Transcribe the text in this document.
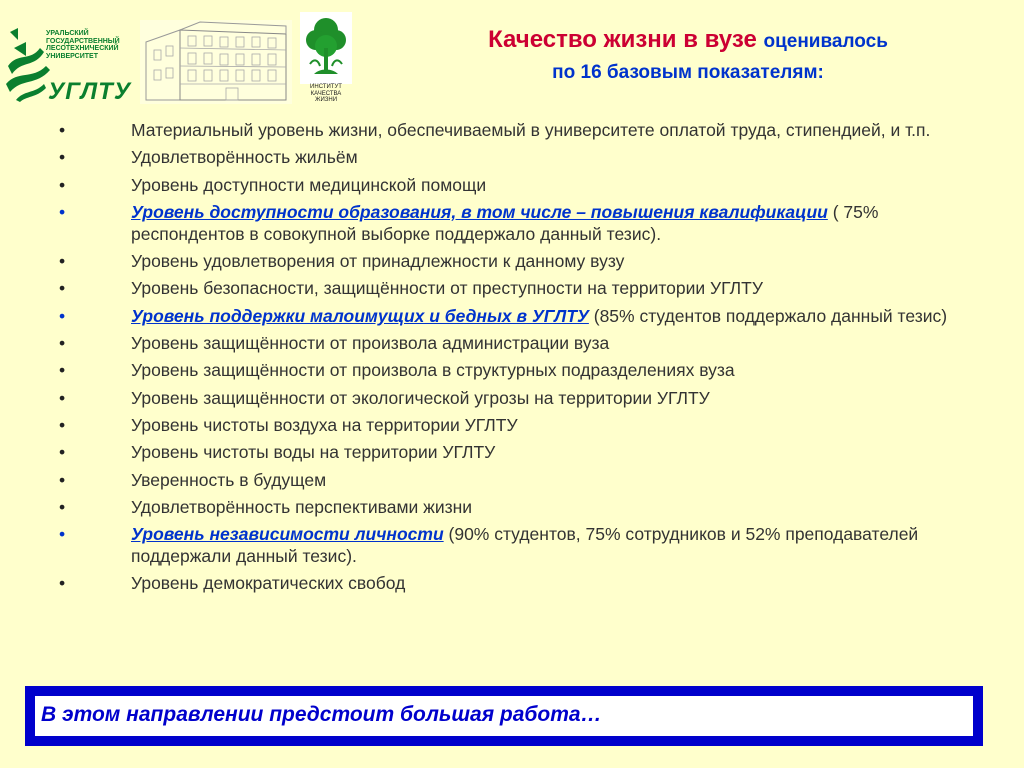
УРАЛЬСКИЙ
ГОСУДАРСТВЕННЫЙ
ЛЕСОТЕХНИЧЕСКИЙ
УНИВЕРСИТЕТ
УГЛТУ	ИНСТИТУТ
КАЧЕСТВА
ЖИЗНИ
Качество жизни в вузе оценивалось
по 16 базовым показателям:
•	Материальный уровень жизни, обеспечиваемый в университете оплатой труда, стипендией, и т.п.
•	Удовлетворённость жильём
•	Уровень доступности медицинской помощи
•	Уровень доступности образования, в том числе – повышения квалификации ( 75% респондентов в совокупной выборке поддержало данный тезис).
•	Уровень удовлетворения от принадлежности к данному вузу
•	Уровень безопасности, защищённости от преступности на территории УГЛТУ
•	Уровень поддержки малоимущих и бедных в УГЛТУ (85% студентов поддержало данный тезис)
•	Уровень защищённости от произвола администрации вуза
•	Уровень защищённости от произвола в структурных подразделениях вуза
•	Уровень защищённости от экологической угрозы на территории УГЛТУ
•	Уровень чистоты воздуха на территории УГЛТУ
•	Уровень чистоты воды на территории УГЛТУ
•	Уверенность в будущем
•	Удовлетворённость перспективами жизни
•	Уровень независимости личности (90% студентов, 75% сотрудников и 52% преподавателей поддержали данный тезис).
•	Уровень демократических свобод
В этом направлении предстоит большая работа…
